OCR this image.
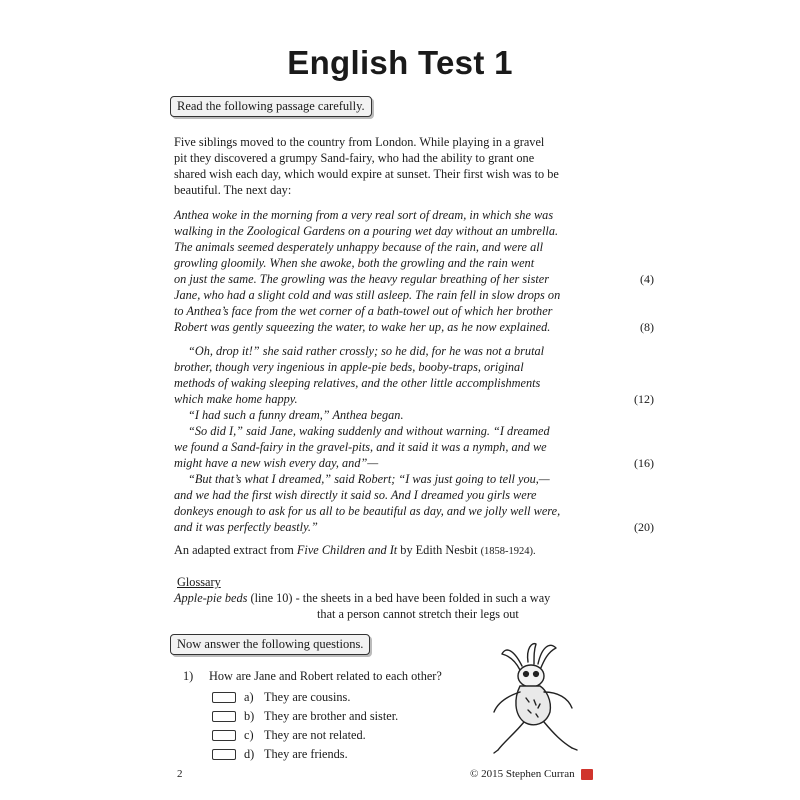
English Test 1
Read the following passage carefully.
Five siblings moved to the country from London. While playing in a gravel
pit they discovered a grumpy Sand-fairy, who had the ability to grant one
shared wish each day, which would expire at sunset. Their first wish was to be
beautiful. The next day:
Anthea woke in the morning from a very real sort of dream, in which she was
walking in the Zoological Gardens on a pouring wet day without an umbrella.
The animals seemed desperately unhappy because of the rain, and were all
growling gloomily. When she awoke, both the growling and the rain went
on just the same. The growling was the heavy regular breathing of her sister	(4)
Jane, who had a slight cold and was still asleep. The rain fell in slow drops on
to Anthea’s face from the wet corner of a bath-towel out of which her brother
Robert was gently squeezing the water, to wake her up, as he now explained.	(8)
“Oh, drop it!” she said rather crossly; so he did, for he was not a brutal
brother, though very ingenious in apple-pie beds, booby-traps, original
methods of waking sleeping relatives, and the other little accomplishments
which make home happy.	(12)
“I had such a funny dream,” Anthea began.
“So did I,” said Jane, waking suddenly and without warning. “I dreamed
we found a Sand-fairy in the gravel-pits, and it said it was a nymph, and we
might have a new wish every day, and”—	(16)
“But that’s what I dreamed,” said Robert; “I was just going to tell you,—
and we had the first wish directly it said so. And I dreamed you girls were
donkeys enough to ask for us all to be beautiful as day, and we jolly well were,
and it was perfectly beastly.”	(20)
An adapted extract from Five Children and It by Edith Nesbit (1858-1924).
Glossary
Apple-pie beds (line 10) - the sheets in a bed have been folded in such a way
that a person cannot stretch their legs out
Now answer the following questions.
1) How are Jane and Robert related to each other?
a) They are cousins.
b) They are brother and sister.
c) They are not related.
d) They are friends.
2	© 2015 Stephen Curran
